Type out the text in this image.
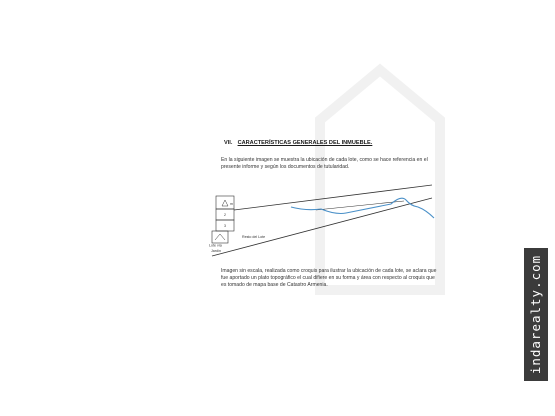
VII. CARACTERÍSTICAS GENERALES DEL INMUEBLE.
En la siguiente imagen se muestra la ubicación de cada lote, como se hace referencia en el presente informe y según los documentos de tutularidad.
m
2
3
Lote vía
Jardín
Resto del Lote
Imagen sin escala, realizada como croquis para ilustrar la ubicación de cada lote, se aclara que fue aportado un plato topográfico el cual difiere en su forma y área con respecto al croquis que es tomado de mapa base de Catastro Armenia.	indarealty.com
